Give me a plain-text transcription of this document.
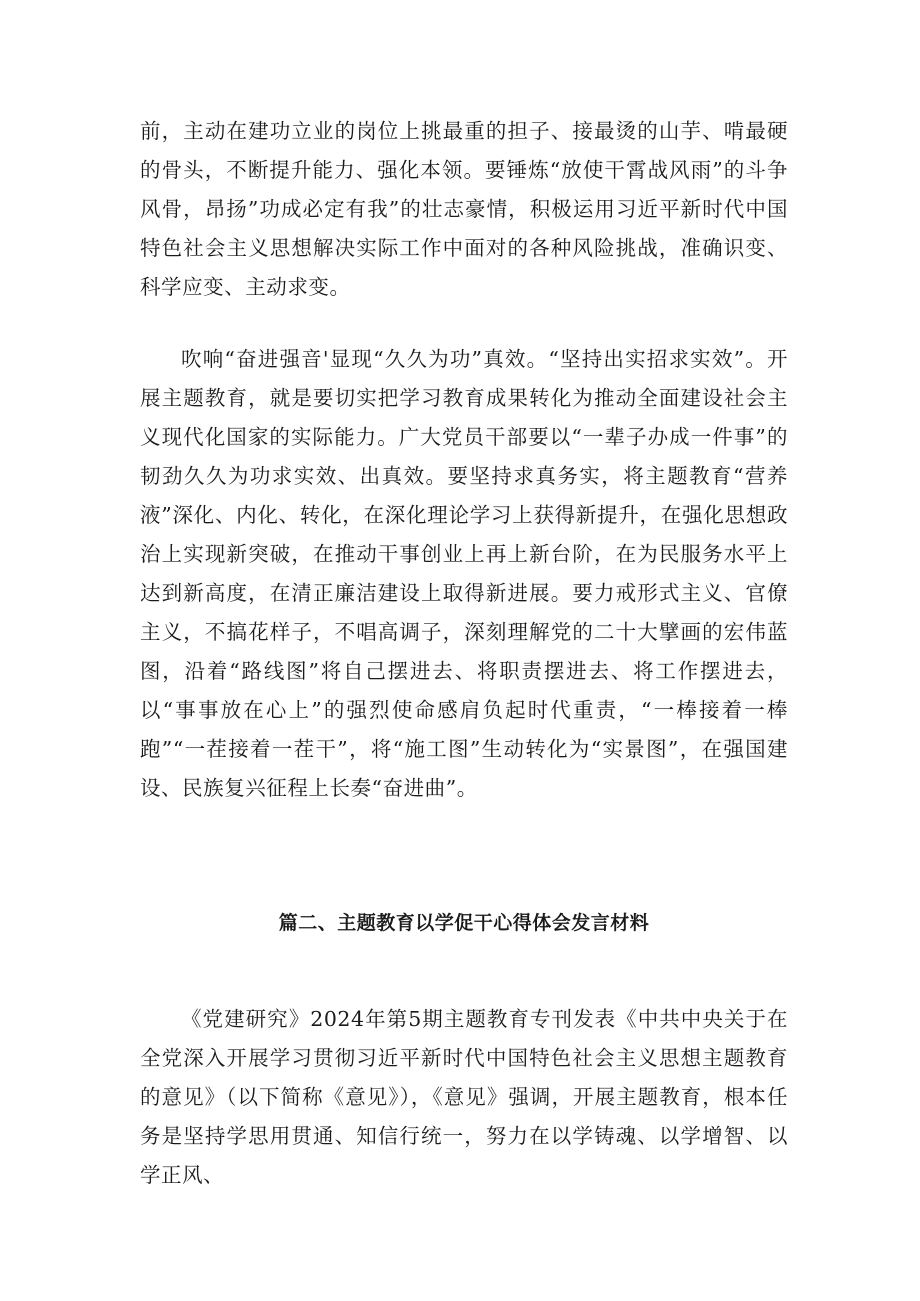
前，主动在建功立业的岗位上挑最重的担子、接最烫的山芋、啃最硬的骨头，不断提升能力、强化本领。要锤炼“放使干霄战风雨”的斗争风骨，昂扬”功成必定有我”的壮志豪情，积极运用习近平新时代中国特色社会主义思想解决实际工作中面对的各种风险挑战，准确识变、科学应变、主动求变。

吹响“奋进强音'显现“久久为功”真效。“坚持出实招求实效”。开展主题教育，就是要切实把学习教育成果转化为推动全面建设社会主义现代化国家的实际能力。广大党员干部要以“一辈子办成一件事”的韧劲久久为功求实效、出真效。要坚持求真务实，将主题教育“营养液”深化、内化、转化，在深化理论学习上获得新提升，在强化思想政治上实现新突破，在推动干事创业上再上新台阶，在为民服务水平上达到新高度，在清正廉洁建设上取得新进展。要力戒形式主义、官僚主义，不搞花样子，不唱高调子，深刻理解党的二十大擘画的宏伟蓝图，沿着“路线图”将自己摆进去、将职责摆进去、将工作摆进去，以“事事放在心上”的强烈使命感肩负起时代重责，“一棒接着一棒跑”“一茬接着一茬干”，将“施工图”生动转化为“实景图”，在强国建设、民族复兴征程上长奏“奋进曲”。

篇二、主题教育以学促干心得体会发言材料

《党建研究》2024年第5期主题教育专刊发表《中共中央关于在全党深入开展学习贯彻习近平新时代中国特色社会主义思想主题教育的意见》（以下简称《意见》），《意见》强调，开展主题教育，根本任务是坚持学思用贯通、知信行统一，努力在以学铸魂、以学增智、以学正风、
